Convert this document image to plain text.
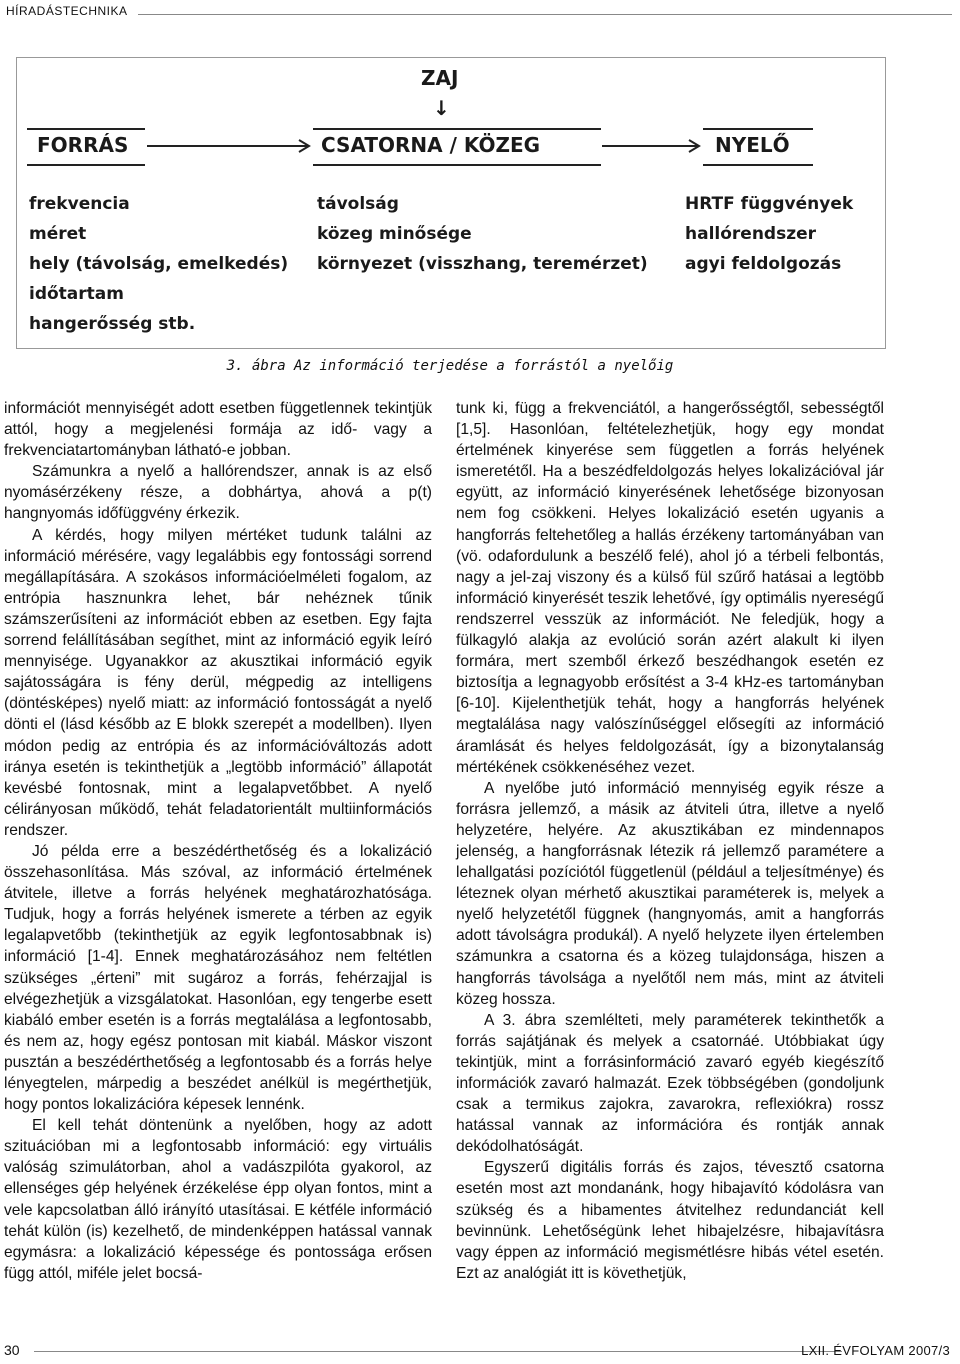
HÍRADÁSTECHNIKA
ZAJ
↓
FORRÁS	CSATORNA / KÖZEG	NYELŐ
frekvencia
méret
hely (távolság, emelkedés)
időtartam
hangerősség stb.
távolság
közeg minősége
környezet (visszhang, teremérzet)
HRTF függvények
hallórendszer
agyi feldolgozás
3. ábra Az információ terjedése a forrástól a nyelőig

információt mennyiségét adott esetben függetlennek tekintjük attól, hogy a megjelenési formája az idő- vagy a frekvenciatartományban látható-e jobban.

Számunkra a nyelő a hallórendszer, annak is az első nyomásérzékeny része, a dobhártya, ahová a p(t) hangnyomás időfüggvény érkezik.

A kérdés, hogy milyen mértéket tudunk találni az információ mérésére, vagy legalábbis egy fontossági sorrend megállapítására. A szokásos információelméleti fogalom, az entrópia hasznunkra lehet, bár nehéznek tűnik számszerűsíteni az információt ebben az esetben. Egy fajta sorrend felállításában segíthet, mint az információ egyik leíró mennyisége. Ugyanakkor az akusztikai információ egyik sajátosságára is fény derül, mégpedig az intelligens (döntésképes) nyelő miatt: az információ fontosságát a nyelő dönti el (lásd később az E blokk szerepét a modellben). Ilyen módon pedig az entrópia és az információváltozás adott iránya esetén is tekinthetjük a „legtöbb információ” állapotát kevésbé fontosnak, mint a legalapvetőbbet. A nyelő célirányosan működő, tehát feladatorientált multiinformációs rendszer.

Jó példa erre a beszédérthetőség és a lokalizáció összehasonlítása. Más szóval, az információ értelmének átvitele, illetve a forrás helyének meghatározhatósága. Tudjuk, hogy a forrás helyének ismerete a térben az egyik legalapvetőbb (tekinthetjük az egyik legfontosabbnak is) információ [1-4]. Ennek meghatározásához nem feltétlen szükséges „érteni” mit sugároz a forrás, fehérzajjal is elvégezhetjük a vizsgálatokat. Hasonlóan, egy tengerbe esett kiabáló ember esetén is a forrás megtalálása a legfontosabb, és nem az, hogy egész pontosan mit kiabál. Máskor viszont pusztán a beszédérthetőség a legfontosabb és a forrás helye lényegtelen, márpedig a beszédet anélkül is megérthetjük, hogy pontos lokalizációra képesek lennénk.

El kell tehát döntenünk a nyelőben, hogy az adott szituációban mi a legfontosabb információ: egy virtuális valóság szimulátorban, ahol a vadászpilóta gyakorol, az ellenséges gép helyének érzékelése épp olyan fontos, mint a vele kapcsolatban álló irányító utasításai. E kétféle információ tehát külön (is) kezelhető, de mindenképpen hatással vannak egymásra: a lokalizáció képessége és pontossága erősen függ attól, miféle jelet bocsá-

tunk ki, függ a frekvenciától, a hangerősségtől, sebességtől [1,5]. Hasonlóan, feltételezhetjük, hogy egy mondat értelmének kinyerése sem független a forrás helyének ismeretétől. Ha a beszédfeldolgozás helyes lokalizációval jár együtt, az információ kinyerésének lehetősége bizonyosan nem fog csökkeni. Helyes lokalizáció esetén ugyanis a hangforrás feltehetőleg a hallás érzékeny tartományában van (vö. odafordulunk a beszélő felé), ahol jó a térbeli felbontás, nagy a jel-zaj viszony és a külső fül szűrő hatásai a legtöbb információ kinyerését teszik lehetővé, így optimális nyereségű rendszerrel vesszük az információt. Ne feledjük, hogy a fülkagyló alakja az evolúció során azért alakult ki ilyen formára, mert szemből érkező beszédhangok esetén ez biztosítja a legnagyobb erősítést a 3-4 kHz-es tartományban [6-10]. Kijelenthetjük tehát, hogy a hangforrás helyének megtalálása nagy valószínűséggel elősegíti az információ áramlását és helyes feldolgozását, így a bizonytalanság mértékének csökkenéséhez vezet.

A nyelőbe jutó információ mennyiség egyik része a forrásra jellemző, a másik az átviteli útra, illetve a nyelő helyzetére, helyére. Az akusztikában ez mindennapos jelenség, a hangforrásnak létezik rá jellemző paramétere a lehallgatási pozíciótól függetlenül (például a teljesítménye) és léteznek olyan mérhető akusztikai paraméterek is, melyek a nyelő helyzetétől függnek (hangnyomás, amit a hangforrás adott távolságra produkál). A nyelő helyzete ilyen értelemben számunkra a csatorna és a közeg tulajdonsága, hiszen a hangforrás távolsága a nyelőtől nem más, mint az átviteli közeg hossza.

A 3. ábra szemlélteti, mely paraméterek tekinthetők a forrás sajátjának és melyek a csatornáé. Utóbbiakat úgy tekintjük, mint a forrásinformáció zavaró egyéb kiegészítő információk zavaró halmazát. Ezek többségében (gondoljunk csak a termikus zajokra, zavarokra, reflexiókra) rossz hatással vannak az információra és rontják annak dekódolhatóságát.

Egyszerű digitális forrás és zajos, tévesztő csatorna esetén most azt mondanánk, hogy hibajavító kódolásra van szükség és a hibamentes átvitelhez redundanciát kell bevinnünk. Lehetőségünk lehet hibajelzésre, hibajavításra vagy éppen az információ megismétlésre hibás vétel esetén. Ezt az analógiát itt is követhetjük,

30	LXII. ÉVFOLYAM 2007/3
